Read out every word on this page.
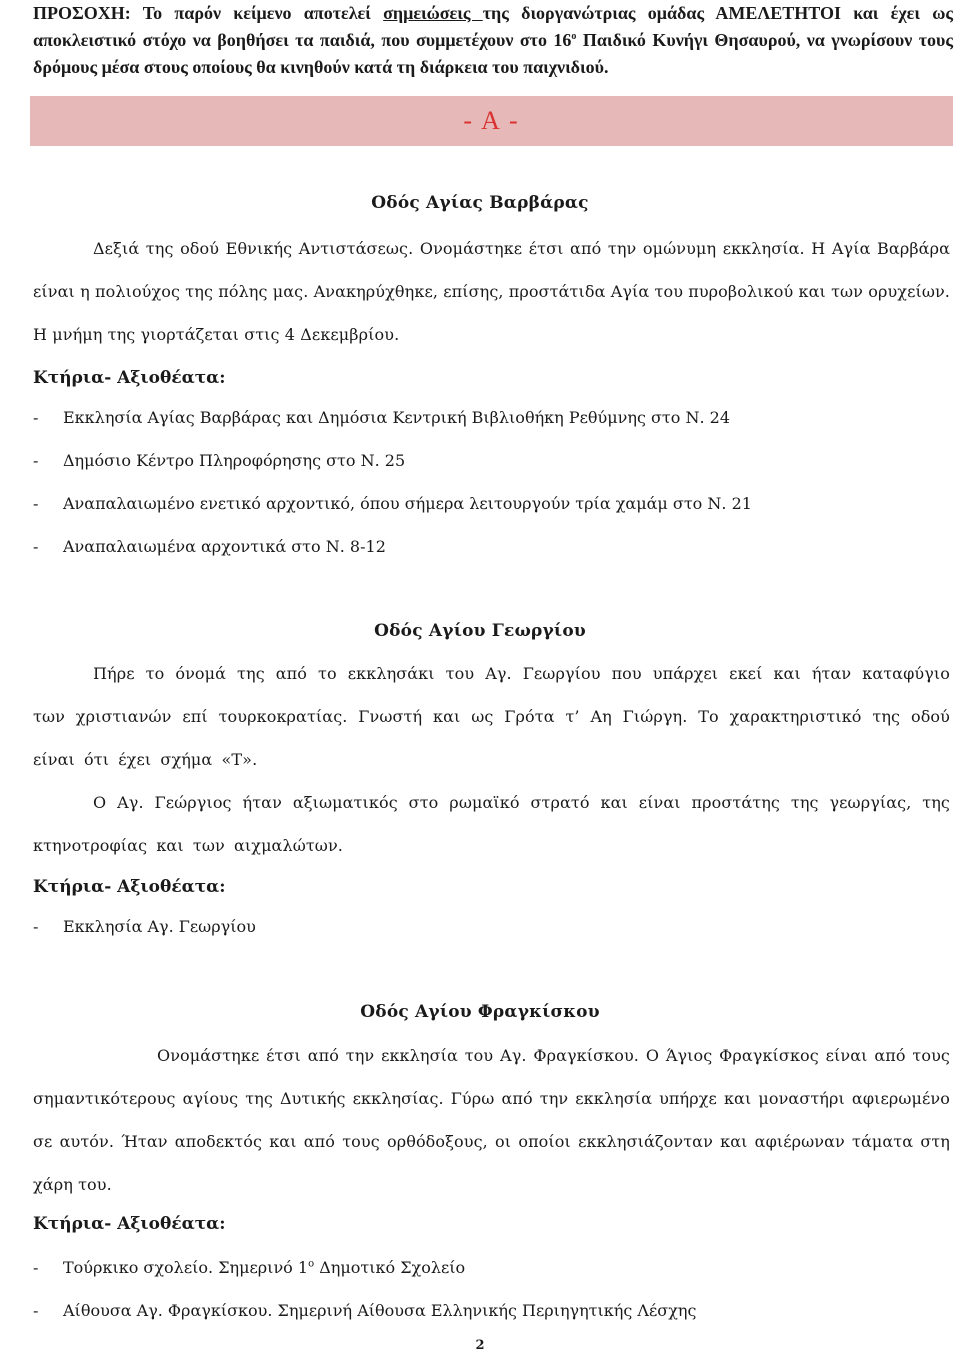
ΠΡΟΣΟΧΗ: Το παρόν κείμενο αποτελεί σημειώσεις της διοργανώτριας ομάδας ΑΜΕΛΕΤΗΤΟΙ και έχει ως αποκλειστικό στόχο να βοηθήσει τα παιδιά, που συμμετέχουν στο $16^o$ Παιδικό Κυνήγι Θησαυρού, να γνωρίσουν τους δρόμους μέσα στους οποίους θα κινηθούν κατά τη διάρκεια του παιχνιδιού.
- Α -
Οδός Αγίας Βαρβάρας
Δεξιά της οδού Εθνικής Αντιστάσεως. Ονομάστηκε έτσι από την ομώνυμη εκκλησία. Η Αγία Βαρβάρα είναι η πολιούχος της πόλης μας. Ανακηρύχθηκε, επίσης, προστάτιδα Αγία του πυροβολικού και των ορυχείων. Η μνήμη της γιορτάζεται στις 4 Δεκεμβρίου.
Κτήρια- Αξιοθέατα:
- Εκκλησία Αγίας Βαρβάρας και Δημόσια Κεντρική Βιβλιοθήκη Ρεθύμνης στο Ν. 24
- Δημόσιο Κέντρο Πληροφόρησης στο Ν. 25
- Αναπαλαιωμένο ενετικό αρχοντικό, όπου σήμερα λειτουργούν τρία χαμάμ στο Ν. 21
- Αναπαλαιωμένα αρχοντικά στο Ν. 8-12
Οδός Αγίου Γεωργίου
Πήρε το όνομά της από το εκκλησάκι του Αγ. Γεωργίου που υπάρχει εκεί και ήταν καταφύγιο των χριστιανών επί τουρκοκρατίας. Γνωστή και ως Γρότα τ’ Αη Γιώργη. Το χαρακτηριστικό της οδού είναι ότι έχει σχήμα «Τ».
Ο Αγ. Γεώργιος ήταν αξιωματικός στο ρωμαϊκό στρατό και είναι προστάτης της γεωργίας, της κτηνοτροφίας και των αιχμαλώτων.
Κτήρια- Αξιοθέατα:
- Εκκλησία Αγ. Γεωργίου
Οδός Αγίου Φραγκίσκου
Ονομάστηκε έτσι από την εκκλησία του Αγ. Φραγκίσκου. Ο Άγιος Φραγκίσκος είναι από τους σημαντικότερους αγίους της Δυτικής εκκλησίας. Γύρω από την εκκλησία υπήρχε και μοναστήρι αφιερωμένο σε αυτόν. Ήταν αποδεκτός και από τους ορθόδοξους, οι οποίοι εκκλησιάζονταν και αφιέρωναν τάματα στη χάρη του.
Κτήρια- Αξιοθέατα:
- Τούρκικο σχολείο. Σημερινό $1^o$ Δημοτικό Σχολείο
- Αίθουσα Αγ. Φραγκίσκου. Σημερινή Αίθουσα Ελληνικής Περιηγητικής Λέσχης
2
